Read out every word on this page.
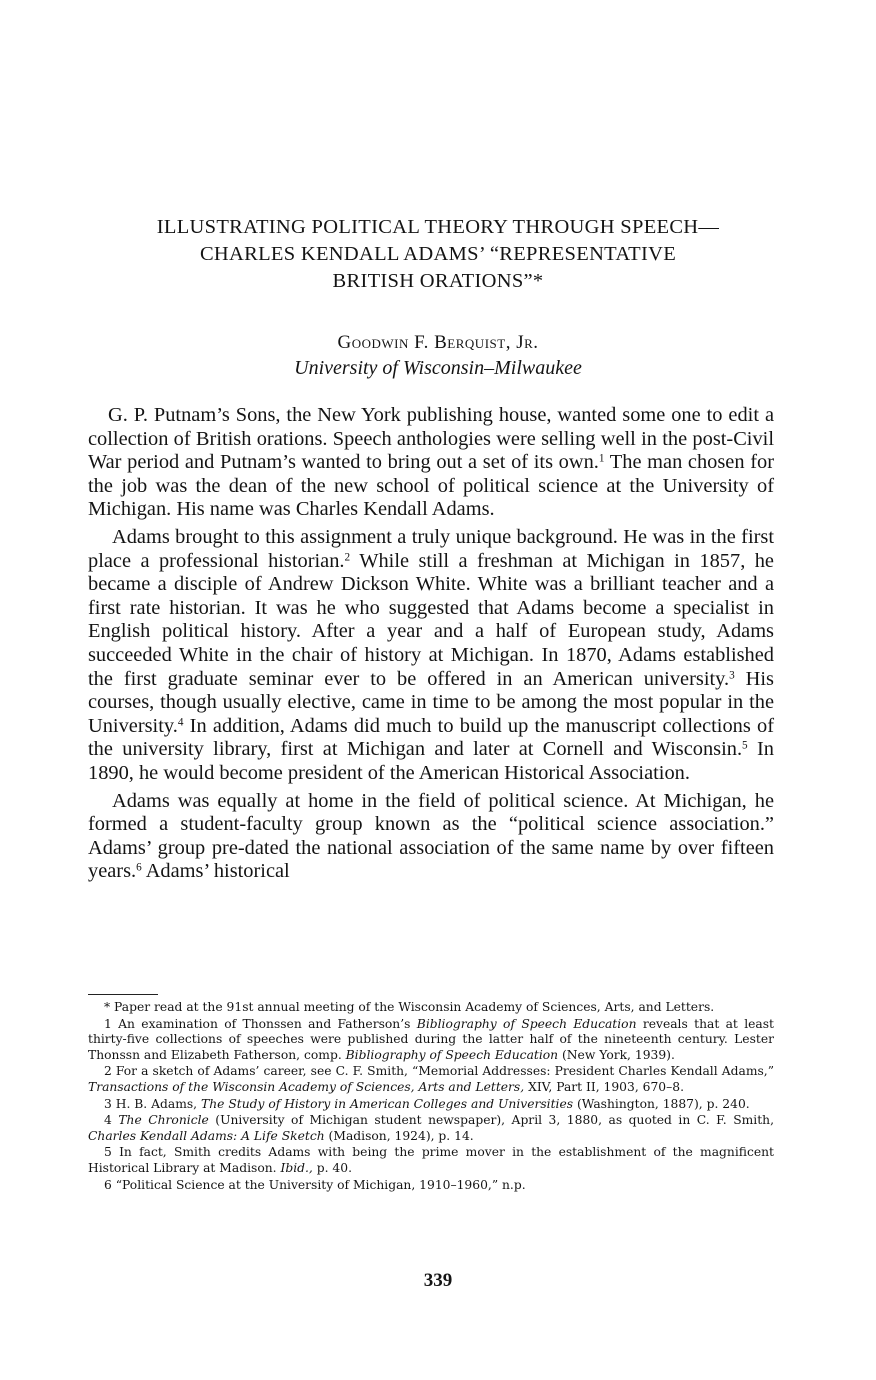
ILLUSTRATING POLITICAL THEORY THROUGH SPEECH—
CHARLES KENDALL ADAMS’ “REPRESENTATIVE
BRITISH ORATIONS”*
Goodwin F. Berquist, Jr.
University of Wisconsin–Milwaukee

G. P. Putnam’s Sons, the New York publishing house, wanted some one to edit a collection of British orations. Speech anthologies were selling well in the post-Civil War period and Putnam’s wanted to bring out a set of its own.$^1$ The man chosen for the job was the dean of the new school of political science at the University of Michigan. His name was Charles Kendall Adams.

Adams brought to this assignment a truly unique background. He was in the first place a professional historian.$^2$ While still a freshman at Michigan in 1857, he became a disciple of Andrew Dickson White. White was a brilliant teacher and a first rate historian. It was he who suggested that Adams become a specialist in English political history. After a year and a half of European study, Adams succeeded White in the chair of history at Michigan. In 1870, Adams established the first graduate seminar ever to be offered in an American university.$^3$ His courses, though usually elective, came in time to be among the most popular in the University.$^4$ In addition, Adams did much to build up the manuscript collections of the university library, first at Michigan and later at Cornell and Wisconsin.$^5$ In 1890, he would become president of the American Historical Association.

Adams was equally at home in the field of political science. At Michigan, he formed a student-faculty group known as the “political science association.” Adams’ group pre-dated the national association of the same name by over fifteen years.$^6$ Adams’ historical

* Paper read at the 91st annual meeting of the Wisconsin Academy of Sciences, Arts, and Letters.

1 An examination of Thonssen and Fatherson’s Bibliography of Speech Education reveals that at least thirty-five collections of speeches were published during the latter half of the nineteenth century. Lester Thonssn and Elizabeth Fatherson, comp. Bibliography of Speech Education (New York, 1939).

2 For a sketch of Adams’ career, see C. F. Smith, “Memorial Addresses: President Charles Kendall Adams,” Transactions of the Wisconsin Academy of Sciences, Arts and Letters, XIV, Part II, 1903, 670–8.

3 H. B. Adams, The Study of History in American Colleges and Universities (Washington, 1887), p. 240.

4 The Chronicle (University of Michigan student newspaper), April 3, 1880, as quoted in C. F. Smith, Charles Kendall Adams: A Life Sketch (Madison, 1924), p. 14.

5 In fact, Smith credits Adams with being the prime mover in the establishment of the magnificent Historical Library at Madison. Ibid., p. 40.

6 “Political Science at the University of Michigan, 1910–1960,” n.p.

339
